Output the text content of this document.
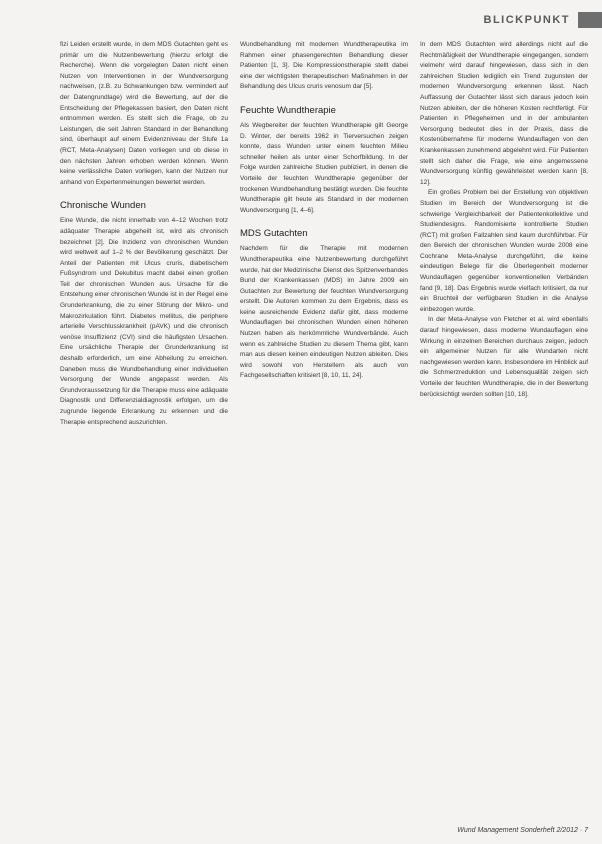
BLICKPUNKT

fizi Leiden erstellt wurde, in dem MDS Gutachten geht es primär um die Nutzenbewertung (hierzu erfolgt die Recherche). Wenn die vorgelegten Daten nicht einen Nutzen von Interventionen in der Wundversorgung nachweisen, (z.B. zu Schwankungen bzw. vermindert auf der Datengrundlage) wird die Bewertung, auf der die Entscheidung der Pflegekassen basiert, den Daten nicht entnommen werden. Es stellt sich die Frage, ob zu Leistungen, die seit Jahren Standard in der Behandlung sind, überhaupt auf einem Evidenzniveau der Stufe 1a (RCT, Meta-Analysen) Daten vorliegen und ob diese in den nächsten Jahren erhoben werden können. Wenn keine verlässliche Daten vorliegen, kann der Nutzen nur anhand von Expertenmeinungen bewertet werden.

Chronische Wunden

Eine Wunde, die nicht innerhalb von 4–12 Wochen trotz adäquater Therapie abgeheilt ist, wird als chronisch bezeichnet [2]. Die Inzidenz von chronischen Wunden wird weltweit auf 1–2 % der Bevölkerung geschätzt. Der Anteil der Patienten mit Ulcus cruris, diabetischem Fußsyndrom und Dekubitus macht dabei einen großen Teil der chronischen Wunden aus. Ursache für die Entstehung einer chronischen Wunde ist in der Regel eine Grunderkrankung, die zu einer Störung der Mikro- und Makrozirkulation führt. Diabetes mellitus, die periphere arterielle Verschlusskrankheit (pAVK) und die chronisch venöse Insuffizienz (CVI) sind die häufigsten Ursachen. Eine ursächliche Therapie der Grunderkrankung ist deshalb erforderlich, um eine Abheilung zu erreichen. Daneben muss die Wundbehandlung einer individuellen Versorgung der Wunde angepasst werden. Als Grundvoraussetzung für die Therapie muss eine adäquate Diagnostik und Differenzialdiagnostik erfolgen, um die zugrunde liegende Erkrankung zu erkennen und die Therapie entsprechend auszurichten.

Wundbehandlung mit modernen Wundtherapeutika im Rahmen einer phasengerechten Behandlung dieser Patienten [1, 3]. Die Kompressionstherapie stellt dabei eine der wichtigsten therapeutischen Maßnahmen in der Behandlung des Ulcus cruris venosum dar [5].

Feuchte Wundtherapie

Als Wegbereiter der feuchten Wundtherapie gilt George D. Winter, der bereits 1962 in Tierversuchen zeigen konnte, dass Wunden unter einem feuchten Milieu schneller heilen als unter einer Schorfbildung. In der Folge wurden zahlreiche Studien publiziert, in denen die Vorteile der feuchten Wundtherapie gegenüber der trockenen Wundbehandlung bestätigt wurden. Die feuchte Wundtherapie gilt heute als Standard in der modernen Wundversorgung [1, 4–6].

MDS Gutachten

Nachdem für die Therapie mit modernen Wundtherapeutika eine Nutzenbewertung durchgeführt wurde, hat der Medizinische Dienst des Spitzenverbandes Bund der Krankenkassen (MDS) im Jahre 2009 ein Gutachten zur Bewertung der feuchten Wundversorgung erstellt. Die Autoren kommen zu dem Ergebnis, dass es keine ausreichende Evidenz dafür gibt, dass moderne Wundauflagen bei chronischen Wunden einen höheren Nutzen haben als herkömmliche Wundverbände. Auch wenn es zahlreiche Studien zu diesem Thema gibt, kann man aus diesen keinen eindeutigen Nutzen ableiten. Dies wird sowohl von Herstellern als auch von Fachgesellschaften kritisiert [8, 10, 11, 24].

In dem MDS Gutachten wird allerdings nicht auf die Rechtmäßigkeit der Wundtherapie eingegangen, sondern vielmehr wird darauf hingewiesen, dass sich in den zahlreichen Studien lediglich ein Trend zugunsten der modernen Wundversorgung erkennen lässt. Nach Auffassung der Gutachter lässt sich daraus jedoch kein Nutzen ableiten, der die höheren Kosten rechtfertigt. Für Patienten in Pflegeheimen und in der ambulanten Versorgung bedeutet dies in der Praxis, dass die Kostenübernahme für moderne Wundauflagen von den Krankenkassen zunehmend abgelehnt wird. Für Patienten stellt sich daher die Frage, wie eine angemessene Wundversorgung künftig gewährleistet werden kann [8, 12].

Ein großes Problem bei der Erstellung von objektiven Studien im Bereich der Wundversorgung ist die schwierige Vergleichbarkeit der Patientenkollektive und Studiendesigns. Randomisierte kontrollierte Studien (RCT) mit großen Fallzahlen sind kaum durchführbar. Für den Bereich der chronischen Wunden wurde 2008 eine Cochrane Meta-Analyse durchgeführt, die keine eindeutigen Belege für die Überlegenheit moderner Wundauflagen gegenüber konventionellen Verbänden fand [9, 18]. Das Ergebnis wurde vielfach kritisiert, da nur ein Bruchteil der verfügbaren Studien in die Analyse einbezogen wurde.

In der Meta-Analyse von Fletcher et al. wird ebenfalls darauf hingewiesen, dass moderne Wundauflagen eine Wirkung in einzelnen Bereichen durchaus zeigen, jedoch ein allgemeiner Nutzen für alle Wundarten nicht nachgewiesen werden kann. Insbesondere im Hinblick auf die Schmerzreduktion und Lebensqualität zeigen sich Vorteile der feuchten Wundtherapie, die in der Bewertung berücksichtigt werden sollten [10, 18].

Wund Management Sonderheft 2/2012 · 7
